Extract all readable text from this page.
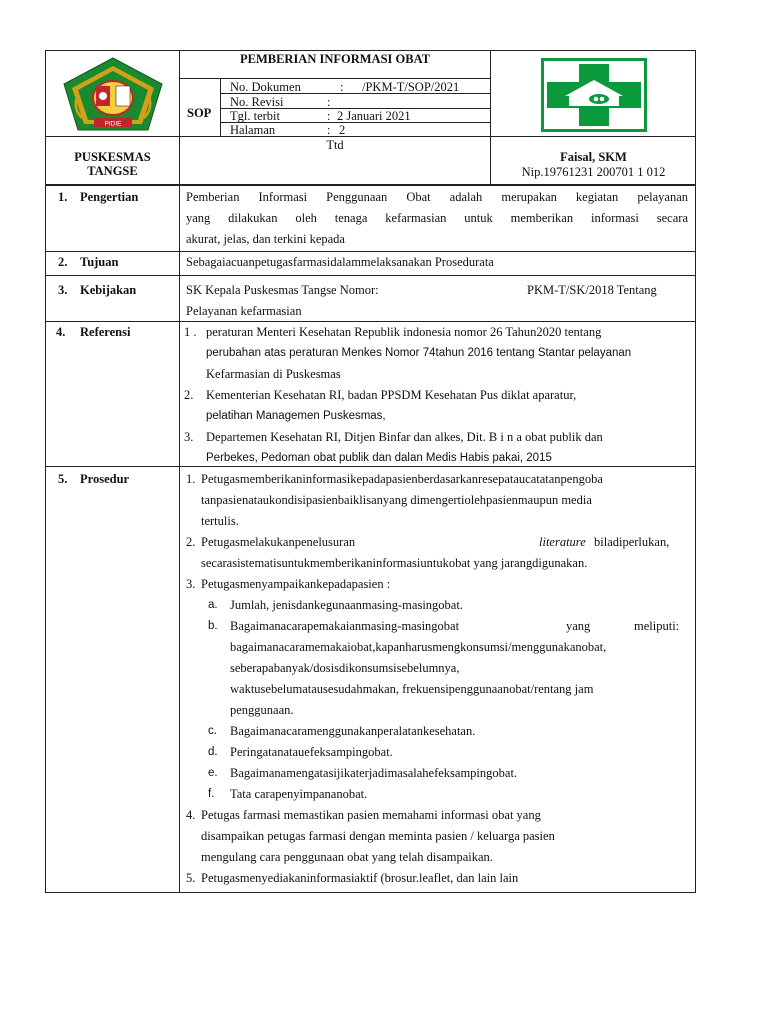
PEMBERIAN INFORMASI OBAT
SOP
No. Dokumen	: /PKM-T/SOP/2021
No. Revisi	:
Tgl. terbit	: 2 Januari 2021
Halaman	: 2
PIDIE
PUSKESMAS
TANGSE
Ttd
Faisal, SKM
Nip.19761231 200701 1 012
1. Pengertian	Pemberian Informasi Penggunaan Obat adalah merupakan kegiatan pelayanan
yang dilakukan oleh tenaga kefarmasian untuk memberikan informasi secara
akurat, jelas, dan terkini kepada
2. Tujuan	Sebagaiacuanpetugasfarmasidalammelaksanakan Prosedurata
3. Kebijakan	SK Kepala Puskesmas Tangse Nomor:	PKM-T/SK/2018 Tentang
Pelayanan kefarmasian
4. Referensi	1 . peraturan Menteri Kesehatan Republik indonesia nomor 26 Tahun2020 tentang
perubahan atas peraturan Menkes Nomor 74tahun 2016 tentang Stantar pelayanan
Kefarmasian di Puskesmas
2. Kementerian Kesehatan RI, badan PPSDM Kesehatan Pus diklat aparatur,
pelatihan Managemen Puskesmas,
3. Departemen Kesehatan RI, Ditjen Binfar dan alkes, Dit. B i n a obat publik dan
Perbekes, Pedoman obat publik dan dalan Medis Habis pakai, 2015
5. Prosedur	1. Petugasmemberikaninformasikepadapasienberdasarkanresepataucatatanpengoba
tanpasienataukondisipasienbaiklisanyang dimengertiolehpasienmaupun media
tertulis.
2. Petugasmelakukanpenelusuran	literature biladiperlukan,
secarasistematisuntukmemberikaninformasiuntukobat yang jarangdigunakan.
3. Petugasmenyampaikankepadapasien :
a. Jumlah, jenisdankegunaanmasing-masingobat.
b. Bagaimanacarapemakaianmasing-masingobat	yang	meliputi:
bagaimanacaramemakaiobat,kapanharusmengkonsumsi/menggunakanobat,
seberapabanyak/dosisdikonsumsisebelumnya,
waktusebelumatausesudahmakan, frekuensipenggunaanobat/rentang jam
penggunaan.
c. Bagaimanacaramenggunakanperalatankesehatan.
d. Peringatanatauefeksampingobat.
e. Bagaimanamengatasijikaterjadimasalahefeksampingobat.
f. Tata carapenyimpananobat.
4. Petugas farmasi memastikan pasien memahami informasi obat yang
disampaikan petugas farmasi dengan meminta pasien / keluarga pasien
mengulang cara penggunaan obat yang telah disampaikan.
5. Petugasmenyediakaninformasiaktif (brosur.leaflet, dan lain lain
